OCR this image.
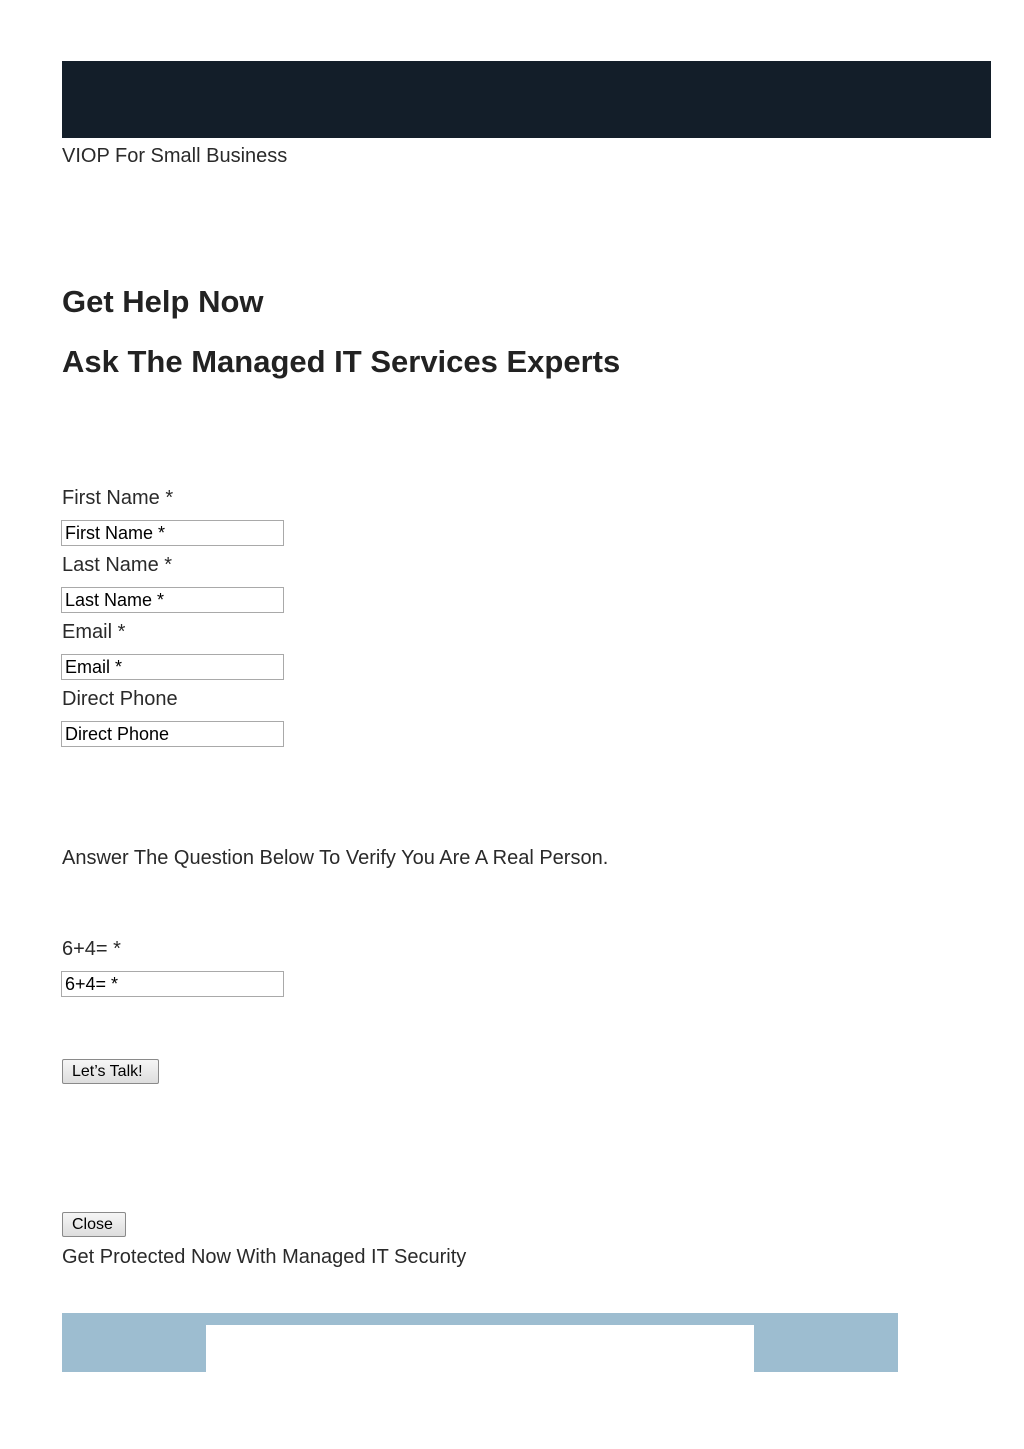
VIOP For Small Business
Get Help Now
Ask The Managed IT Services Experts
First Name *
First Name *
Last Name *
Last Name *
Email *
Email *
Direct Phone
Direct Phone
Answer The Question Below To Verify You Are A Real Person.
6+4= *
6+4= *
Let’s Talk!
Close
Get Protected Now With Managed IT Security
